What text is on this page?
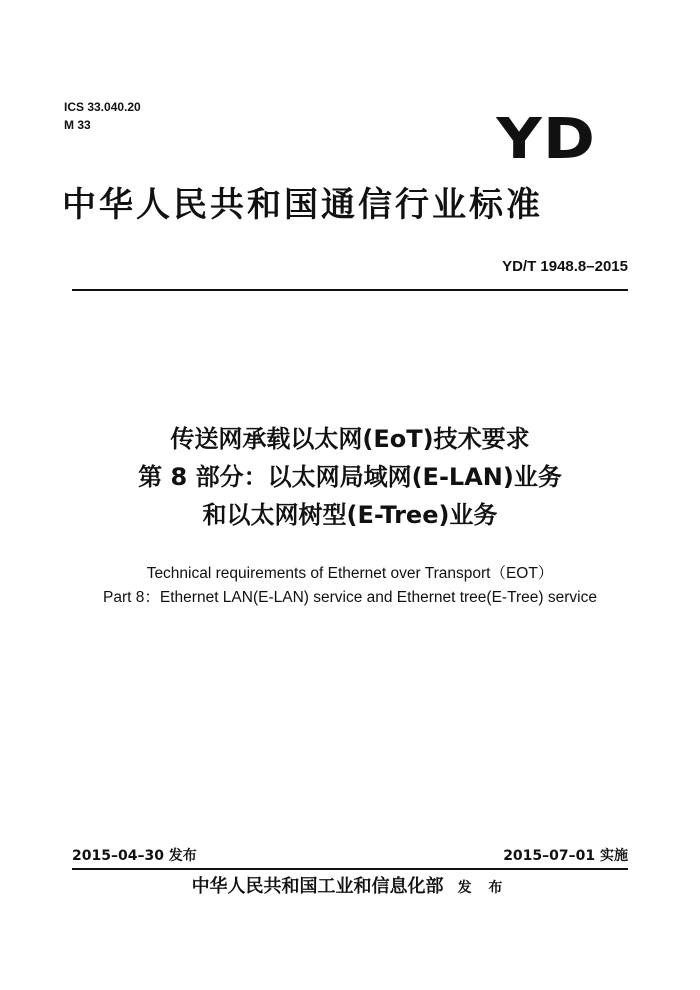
ICS 33.040.20
M 33	YD
中华人民共和国通信行业标准
YD/T 1948.8–2015
传送网承载以太网(EoT)技术要求
第 8 部分：以太网局域网(E-LAN)业务
和以太网树型(E-Tree)业务
Technical requirements of Ethernet over Transport（EOT）
Part 8：Ethernet LAN(E-LAN) service and Ethernet tree(E-Tree) service
2015–04–30 发布	2015–07–01 实施
中华人民共和国工业和信息化部 发 布
